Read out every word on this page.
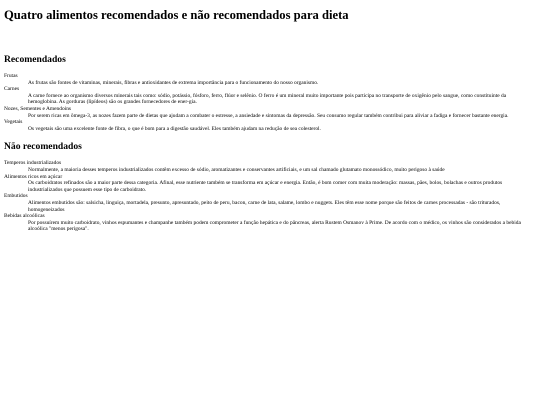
Quatro alimentos recomendados e não recomendados para dieta
Recomendados
Frutas
As frutas são fontes de vitaminas, minerais, fibras e antioxidantes de extrema importância para o funcionamento do nosso organismo.
Carnes
A carne fornece ao organismo diversos minerais tais como: sódio, potássio, fósforo, ferro, flúor e selênio. O ferro é um mineral muito importante pois participa no transporte de oxigênio pelo sangue, como constituinte da hemoglobina. As gorduras (lipídeos) são os grandes fornecedores de ener-gia.
Nozes, Sementes e Amendoins
Por serem ricas em ômega-3, as nozes fazem parte de dietas que ajudam a combater o estresse, a ansiedade e sintomas da depressão. Seu consumo regular também contribui para aliviar a fadiga e fornecer bastante energia.
Vegetais
Os vegetais são uma excelente fonte de fibra, o que é bom para a digestão saudável. Eles também ajudam na redução de sea colesterol.
Não recomendados
Temperos industrializados
Normalmente, a maioria desses temperos industrializados contêm excesso de sódio, aromatizantes e conservantes artificiais, e um sal chamado glutamato monossódico, muito perigoso à saúde
Alimentos ricos em açúcar
Os carboidratos refinados são a maior parte dessa categoria. Afinal, esse nutriente também se transforma em açúcar e energia. Então, é bom comer com muita moderação: massas, pães, bolos, bolachas e outros produtos industrializados que possuem esse tipo de carboidrato.
Embutidos
Alimentos embutidos são: salsicha, linguiça, mortadela, presunto, apresuntado, peito de peru, bacon, carne de lata, salame, lombo e nuggets. Eles têm esse nome porque são feitos de carnes processadas - são triturados, homogeneizados
Bebidas alcoólicas
Por possuírem muito carboidrato, vinhos espumantes e champanhe também podem comprometer a função hepática e do pâncreas, alerta Rustem Osmanov à Prime. De acordo com o médico, os vinhos são considerados a bebida alcoólica "menos perigosa".
